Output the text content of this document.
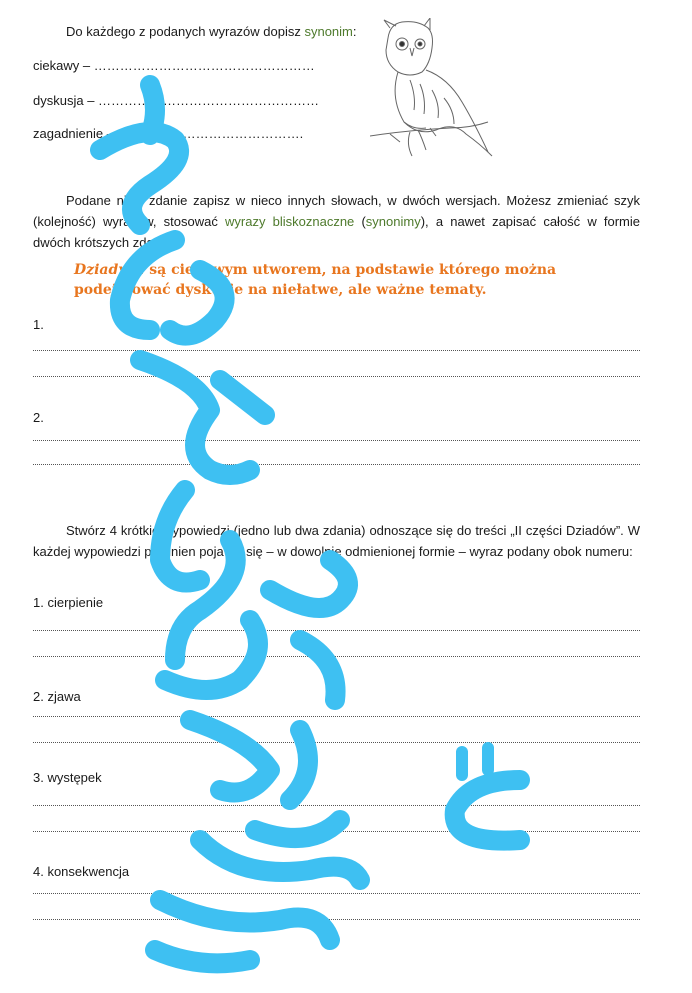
Do każdego z podanych wyrazów dopisz synonim:
ciekawy – ……………………………………………
dyskusja – ……………………………………………
zagadnienie – …………………………………….
Podane niżej zdanie zapisz w nieco innych słowach, w dwóch wersjach. Możesz zmieniać szyk (kolejność) wyrazów, stosować wyrazy bliskoznaczne (synonimy), a nawet zapisać całość w formie dwóch krótszych zdań.
Dziady II są ciekawym utworem, na podstawie którego można
podejmować dyskusje na niełatwe, ale ważne tematy.
1.
2.
Stwórz 4 krótkie wypowiedzi (jedno lub dwa zdania) odnoszące się do treści „II części Dziadów”. W każdej wypowiedzi powinien pojawić się – w dowolnie odmienionej formie – wyraz podany obok numeru:
1. cierpienie
2. zjawa
3. występek
4. konsekwencja
